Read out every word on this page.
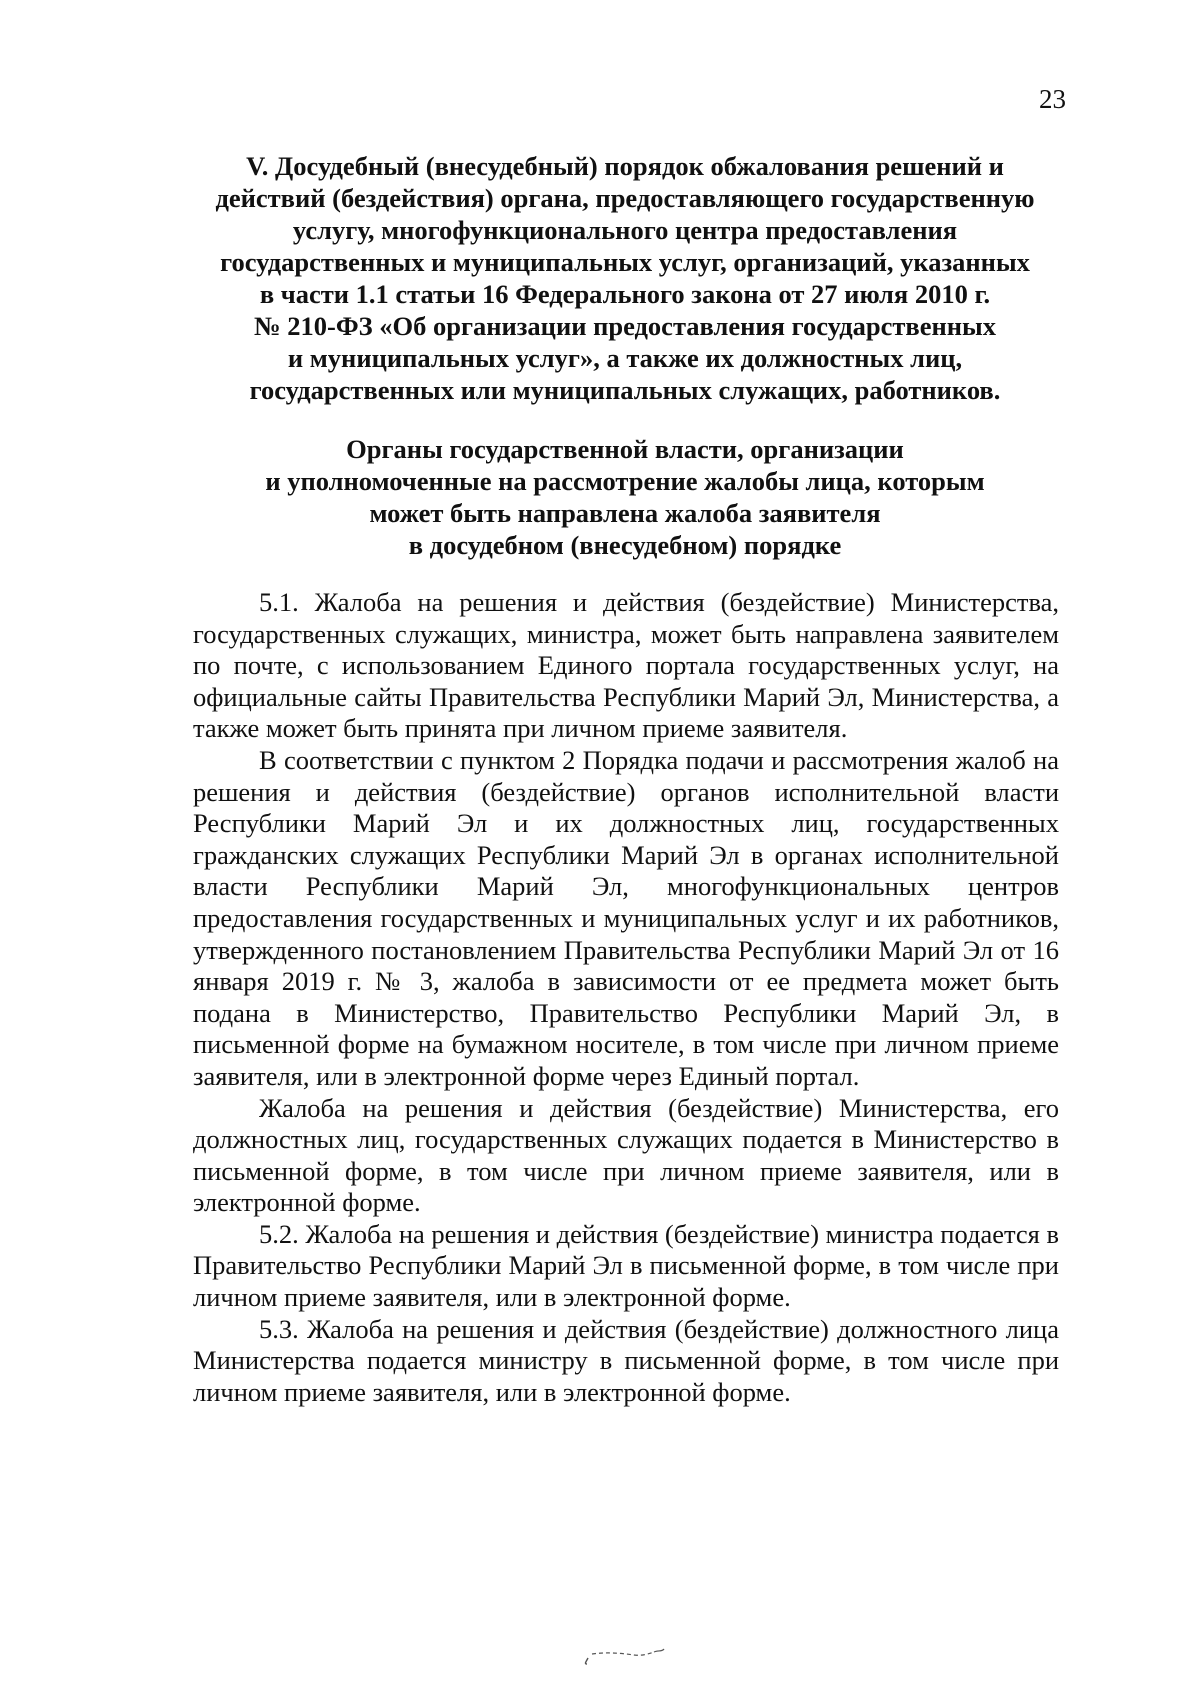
23
V. Досудебный (внесудебный) порядок обжалования решений и
действий (бездействия) органа, предоставляющего государственную
услугу, многофункционального центра предоставления
государственных и муниципальных услуг, организаций, указанных
в части 1.1 статьи 16 Федерального закона от 27 июля 2010 г.
№ 210-ФЗ «Об организации предоставления государственных
и муниципальных услуг», а также их должностных лиц,
государственных или муниципальных служащих, работников.
Органы государственной власти, организации
и уполномоченные на рассмотрение жалобы лица, которым
может быть направлена жалоба заявителя
в досудебном (внесудебном) порядке

5.1. Жалоба на решения и действия (бездействие) Министерства, государственных служащих, министра, может быть направлена заявителем по почте, с использованием Единого портала государственных услуг, на официальные сайты Правительства Республики Марий Эл, Министерства, а также может быть принята при личном приеме заявителя.

В соответствии с пунктом 2 Порядка подачи и рассмотрения жалоб на решения и действия (бездействие) органов исполнительной власти Республики Марий Эл и их должностных лиц, государственных гражданских служащих Республики Марий Эл в органах исполнительной власти Республики Марий Эл, многофункциональных центров предоставления государственных и муниципальных услуг и их работников, утвержденного постановлением Правительства Республики Марий Эл от 16 января 2019 г. № 3, жалоба в зависимости от ее предмета может быть подана в Министерство, Правительство Республики Марий Эл, в письменной форме на бумажном носителе, в том числе при личном приеме заявителя, или в электронной форме через Единый портал.

Жалоба на решения и действия (бездействие) Министерства, его должностных лиц, государственных служащих подается в Министерство в письменной форме, в том числе при личном приеме заявителя, или в электронной форме.

5.2. Жалоба на решения и действия (бездействие) министра подается в Правительство Республики Марий Эл в письменной форме, в том числе при личном приеме заявителя, или в электронной форме.

5.3. Жалоба на решения и действия (бездействие) должностного лица Министерства подается министру в письменной форме, в том числе при личном приеме заявителя, или в электронной форме.
